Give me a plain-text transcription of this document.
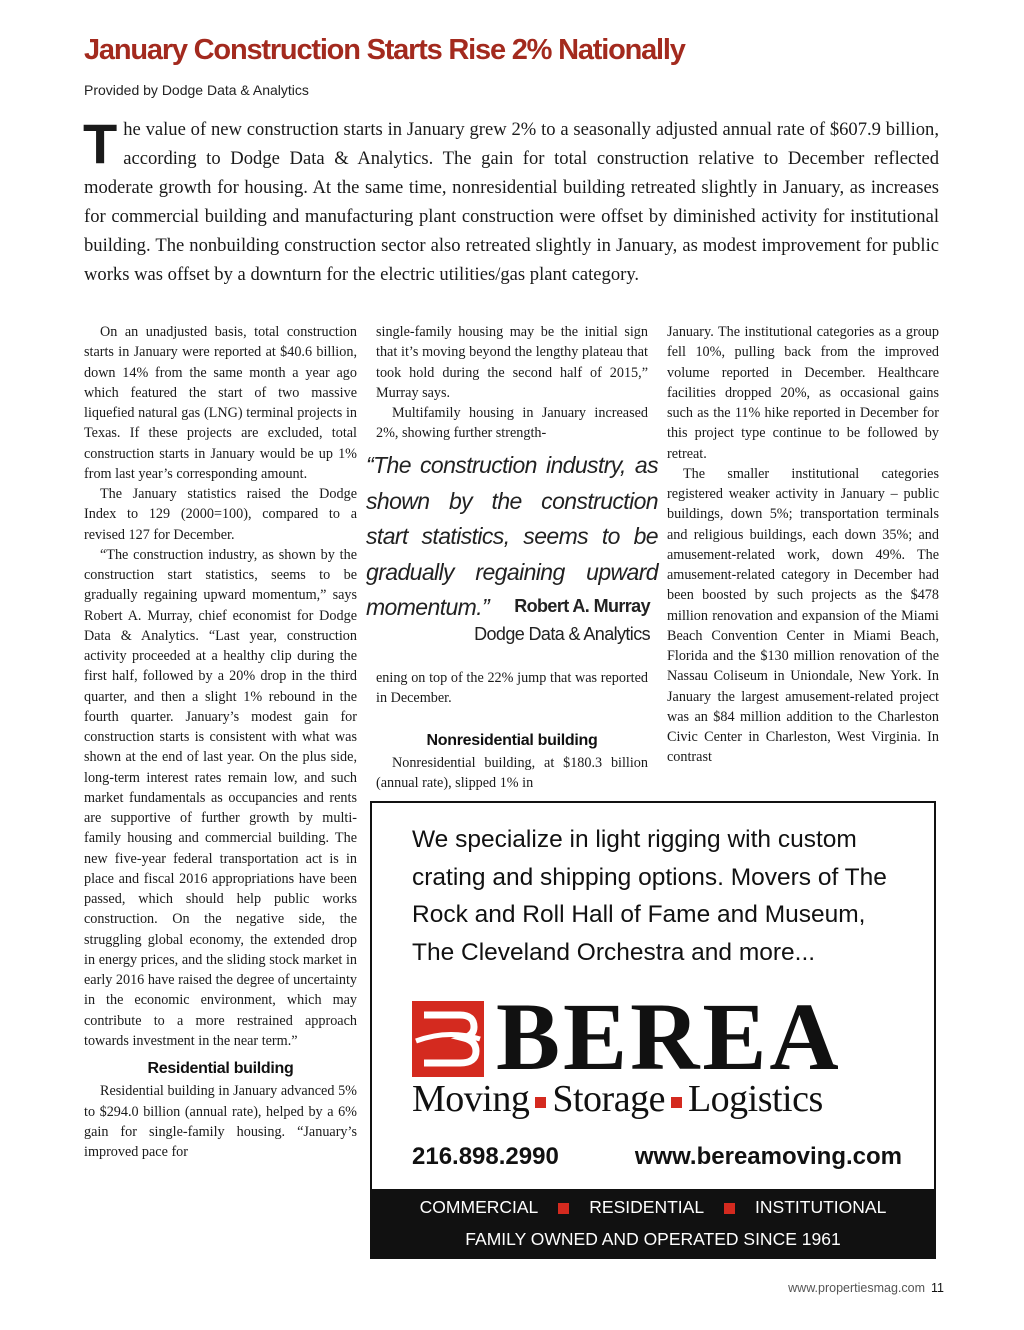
January Construction Starts Rise 2% Nationally
Provided by Dodge Data & Analytics
The value of new construction starts in January grew 2% to a seasonally adjusted annual rate of $607.9 billion, according to Dodge Data & Analytics. The gain for total construction relative to December reflected moderate growth for housing. At the same time, nonresidential building retreated slightly in January, as increases for commercial building and manufacturing plant construction were offset by diminished activity for institutional building. The nonbuilding construction sector also retreated slightly in January, as modest improvement for public works was offset by a downturn for the electric utilities/gas plant category.

On an unadjusted basis, total construction starts in January were reported at $40.6 billion, down 14% from the same month a year ago which featured the start of two massive liquefied natural gas (LNG) terminal projects in Texas. If these projects are excluded, total construction starts in January would be up 1% from last year’s corresponding amount.

The January statistics raised the Dodge Index to 129 (2000=100), compared to a revised 127 for December.

“The construction industry, as shown by the construction start statistics, seems to be gradually regaining upward momentum,” says Robert A. Murray, chief economist for Dodge Data & Analytics. “Last year, construction activity proceeded at a healthy clip during the first half, followed by a 20% drop in the third quarter, and then a slight 1% rebound in the fourth quarter. January’s modest gain for construction starts is consistent with what was shown at the end of last year. On the plus side, long-term interest rates remain low, and such market fundamentals as occupancies and rents are supportive of further growth by multi-family housing and commercial building. The new five-year federal transportation act is in place and fiscal 2016 appropriations have been passed, which should help public works construction. On the negative side, the struggling global economy, the extended drop in energy prices, and the sliding stock market in early 2016 have raised the degree of uncertainty in the economic environment, which may contribute to a more restrained approach towards investment in the near term.”

Residential building

Residential building in January advanced 5% to $294.0 billion (annual rate), helped by a 6% gain for single-family housing. “January’s improved pace for

single-family housing may be the initial sign that it’s moving beyond the lengthy plateau that took hold during the second half of 2015,” Murray says.

Multifamily housing in January increased 2%, showing further strength-

“The construction industry, as shown by the construction start statistics, seems to be gradually regaining upward momentum.”	Robert A. Murray
Dodge Data & Analytics

ening on top of the 22% jump that was reported in December.

Nonresidential building

Nonresidential building, at $180.3 billion (annual rate), slipped 1% in

January. The institutional categories as a group fell 10%, pulling back from the improved volume reported in December. Healthcare facilities dropped 20%, as occasional gains such as the 11% hike reported in December for this project type continue to be followed by retreat.

The smaller institutional categories registered weaker activity in January – public buildings, down 5%; transportation terminals and religious buildings, each down 35%; and amusement-related work, down 49%. The amusement-related category in December had been boosted by such projects as the $478 million renovation and expansion of the Miami Beach Convention Center in Miami Beach, Florida and the $130 million renovation of the Nassau Coliseum in Uniondale, New York. In January the largest amusement-related project was an $84 million addition to the Charleston Civic Center in Charleston, West Virginia. In contrast

We specialize in light rigging with custom crating and shipping options. Movers of The Rock and Roll Hall of Fame and Museum, The Cleveland Orchestra and more...
BEREA
Moving Storage Logistics
216.898.2990	www.bereamoving.com
COMMERCIAL	RESIDENTIAL	INSTITUTIONAL
FAMILY OWNED AND OPERATED SINCE 1961
www.propertiesmag.com 11
